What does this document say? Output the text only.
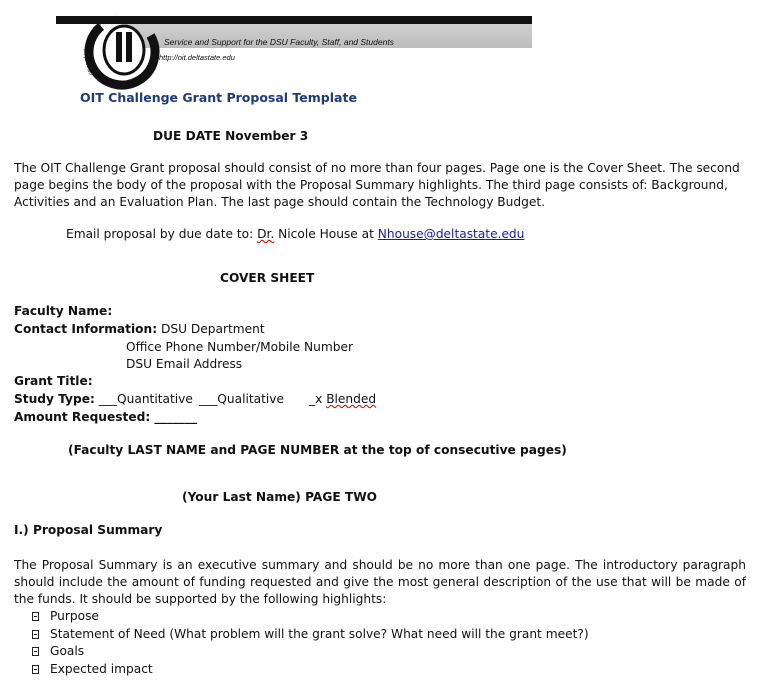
Service and Support for the DSU Faculty, Staff, and Students
http://oit.deltastate.edu
Office of Information Technology
OIT Challenge Grant Proposal Template
DUE DATE November 3
The OIT Challenge Grant proposal should consist of no more than four pages. Page one is the Cover Sheet. The second page begins the body of the proposal with the Proposal Summary highlights. The third page consists of: Background, Activities and an Evaluation Plan. The last page should contain the Technology Budget.
Email proposal by due date to: Dr. Nicole House at Nhouse@deltastate.edu
COVER SHEET
Faculty Name:
Contact Information: DSU Department
Office Phone Number/Mobile Number
DSU Email Address
Grant Title:
Study Type: ___Quantitative ___Qualitative _x Blended
Amount Requested: _______
(Faculty LAST NAME and PAGE NUMBER at the top of consecutive pages)
(Your Last Name) PAGE TWO
I.) Proposal Summary
The Proposal Summary is an executive summary and should be no more than one page. The introductory paragraph should include the amount of funding requested and give the most general description of the use that will be made of the funds. It should be supported by the following highlights:
Purpose
Statement of Need (What problem will the grant solve? What need will the grant meet?)
Goals
Expected impact
